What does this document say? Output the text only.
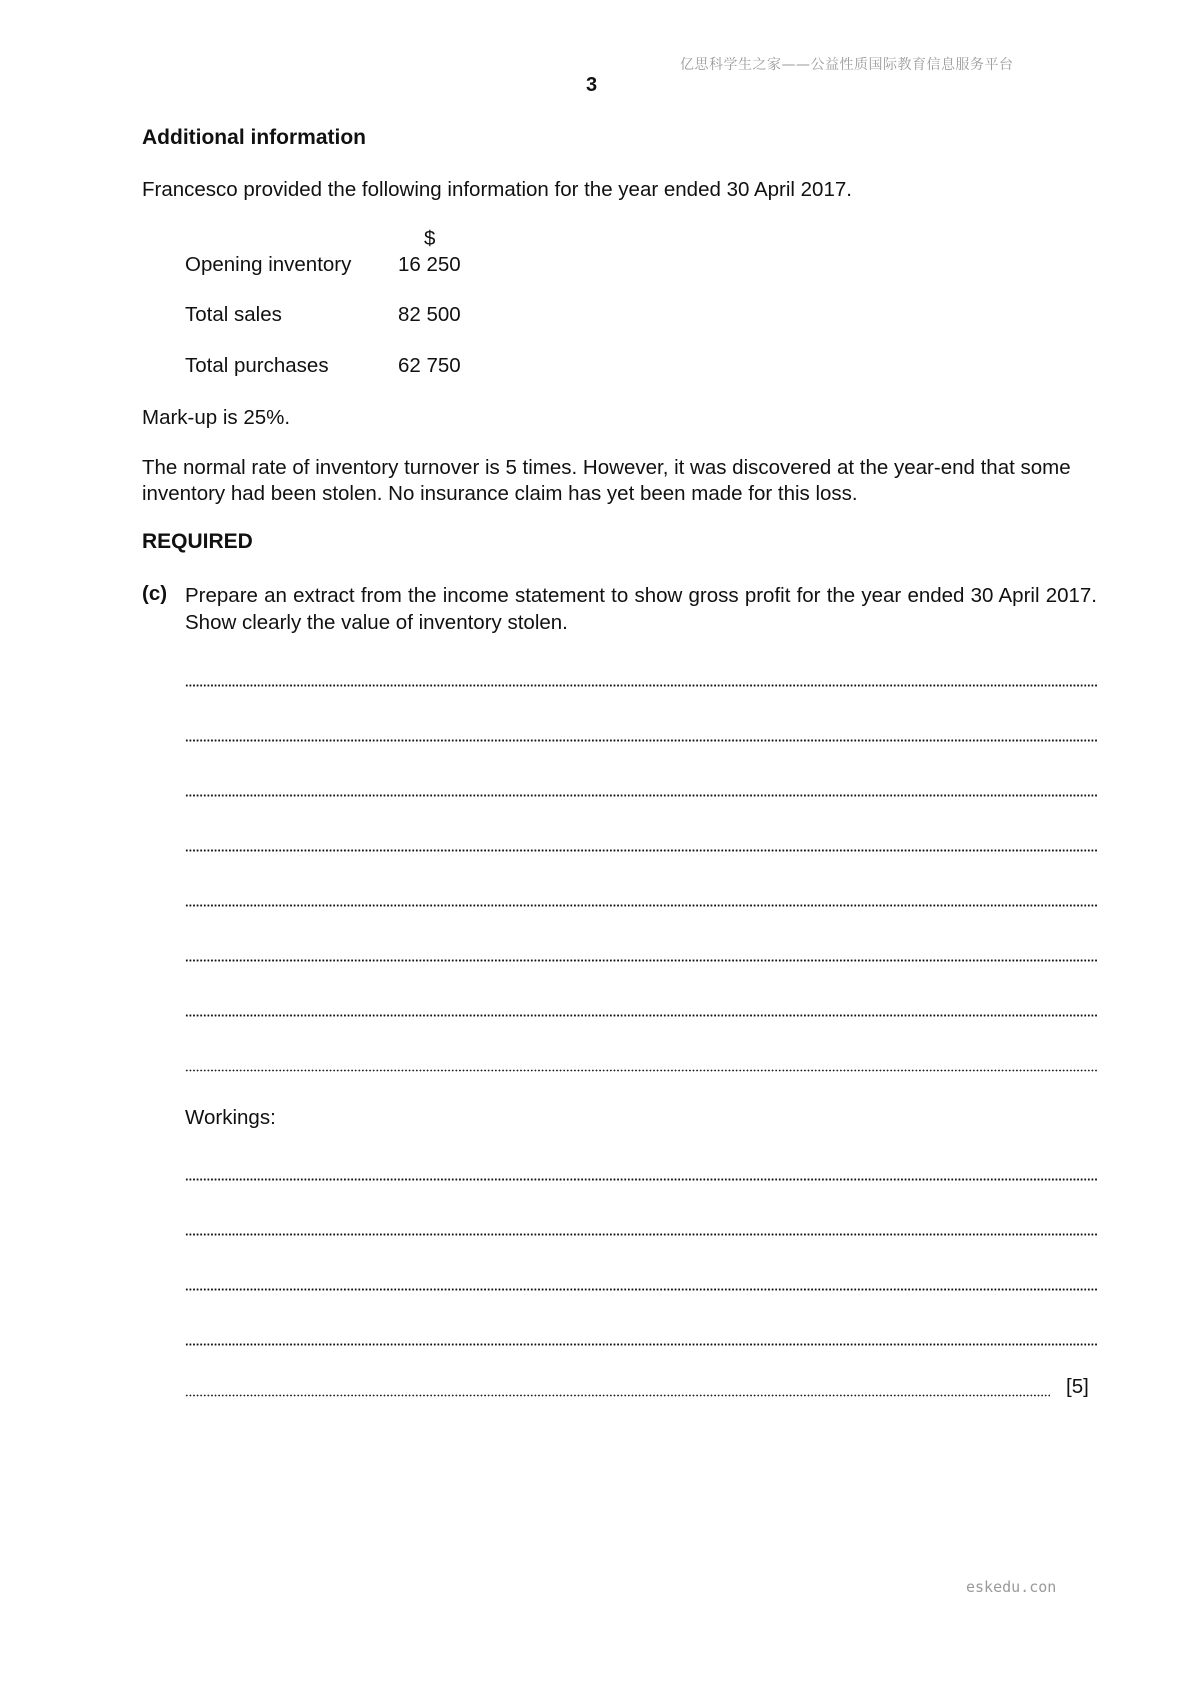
亿思科学生之家——公益性质国际教育信息服务平台
3
Additional information
Francesco provided the following information for the year ended 30 April 2017.
$
Opening inventory 16 250
Total sales	82 500
Total purchases	62 750
Mark-up is 25%.
The normal rate of inventory turnover is 5 times. However, it was discovered at the year-end that some inventory had been stolen. No insurance claim has yet been made for this loss.
REQUIRED
(c) Prepare an extract from the income statement to show gross profit for the year ended 30 April 2017. Show clearly the value of inventory stolen.
Workings:
[5]
eskedu.con
